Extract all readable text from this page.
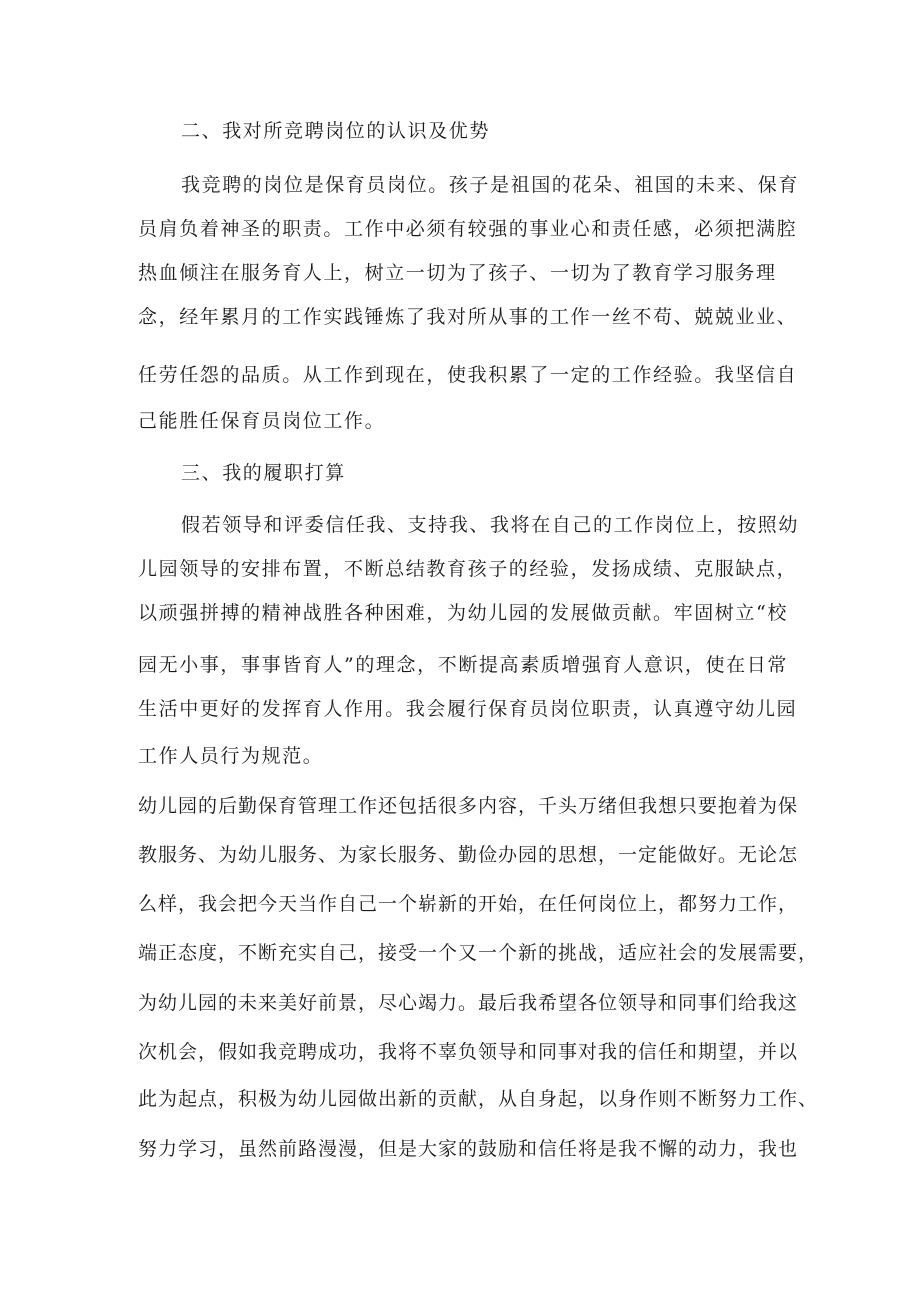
二、我对所竞聘岗位的认识及优势
我竞聘的岗位是保育员岗位。孩子是祖国的花朵、祖国的未来、保育
员肩负着神圣的职责。工作中必须有较强的事业心和责任感，必须把满腔
热血倾注在服务育人上，树立一切为了孩子、一切为了教育学习服务理
念，经年累月的工作实践锤炼了我对所从事的工作一丝不苟、兢兢业业、
任劳任怨的品质。从工作到现在，使我积累了一定的工作经验。我坚信自
己能胜任保育员岗位工作。
三、我的履职打算
假若领导和评委信任我、支持我、我将在自己的工作岗位上，按照幼
儿园领导的安排布置，不断总结教育孩子的经验，发扬成绩、克服缺点，
以顽强拼搏的精神战胜各种困难，为幼儿园的发展做贡献。牢固树立“校
园无小事，事事皆育人”的理念，不断提高素质增强育人意识，使在日常
生活中更好的发挥育人作用。我会履行保育员岗位职责，认真遵守幼儿园
工作人员行为规范。
幼儿园的后勤保育管理工作还包括很多内容，千头万绪但我想只要抱着为保
教服务、为幼儿服务、为家长服务、勤俭办园的思想，一定能做好。无论怎
么样，我会把今天当作自己一个崭新的开始，在任何岗位上，都努力工作，
端正态度，不断充实自己，接受一个又一个新的挑战，适应社会的发展需要，
为幼儿园的未来美好前景，尽心竭力。最后我希望各位领导和同事们给我这
次机会，假如我竞聘成功，我将不辜负领导和同事对我的信任和期望，并以
此为起点，积极为幼儿园做出新的贡献，从自身起，以身作则不断努力工作、
努力学习，虽然前路漫漫，但是大家的鼓励和信任将是我不懈的动力，我也
